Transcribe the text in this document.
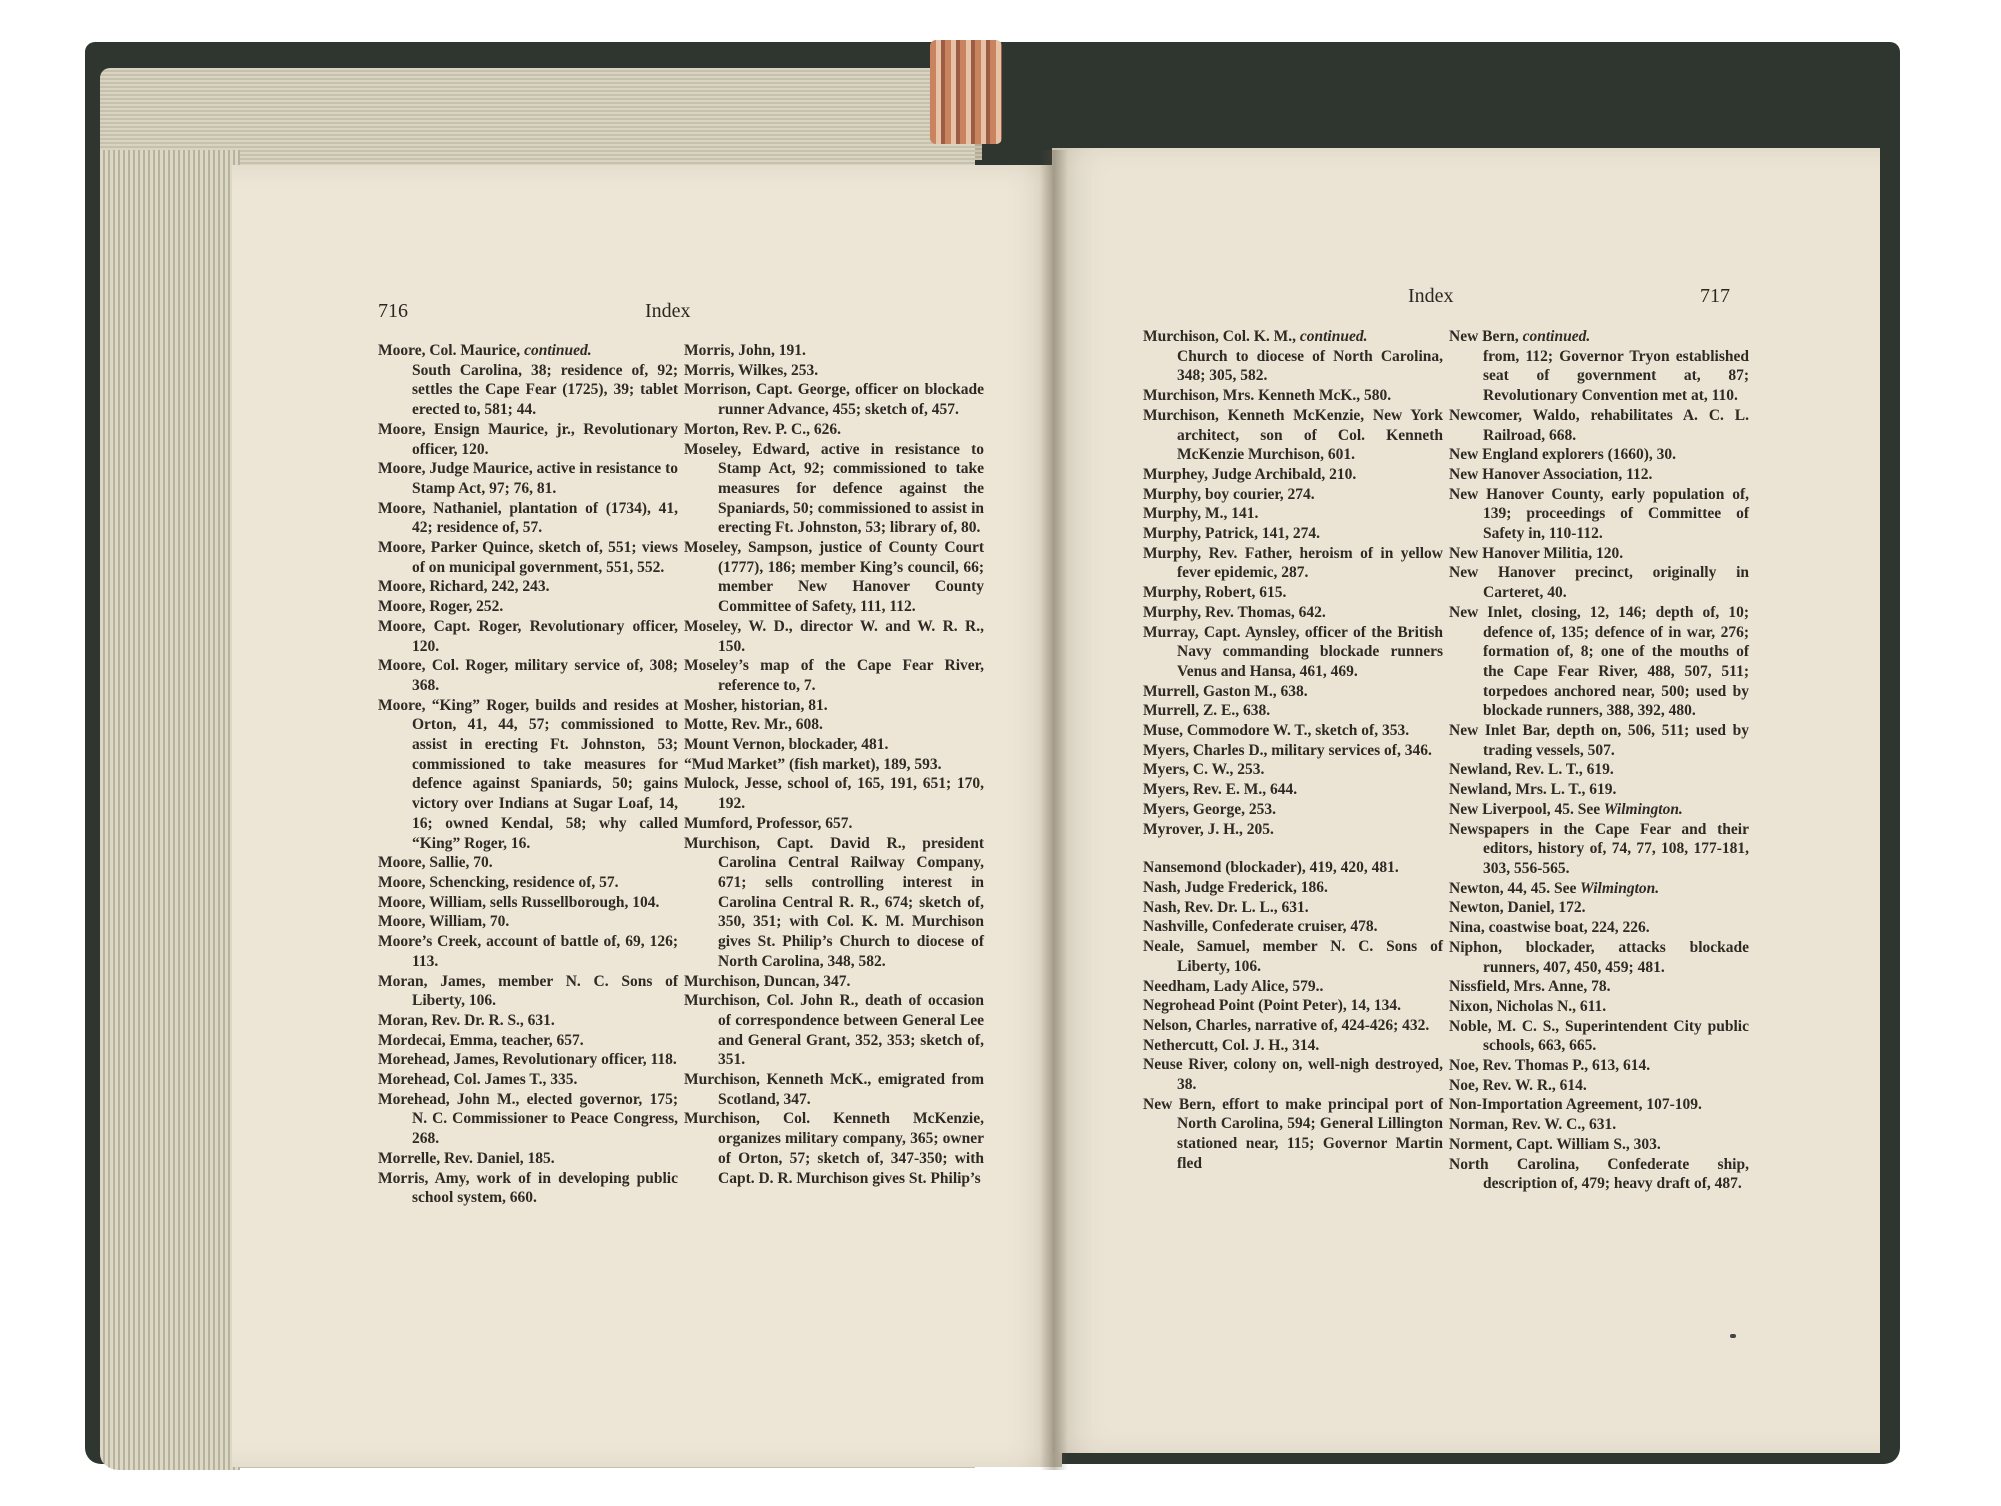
716	Index
Index	717

Moore, Col. Maurice, continued.

South Carolina, 38; residence of, 92; settles the Cape Fear (1725), 39; tablet erected to, 581; 44.

Moore, Ensign Maurice, jr., Revolutionary officer, 120.

Moore, Judge Maurice, active in resistance to Stamp Act, 97; 76, 81.

Moore, Nathaniel, plantation of (1734), 41, 42; residence of, 57.

Moore, Parker Quince, sketch of, 551; views of on municipal government, 551, 552.

Moore, Richard, 242, 243.

Moore, Roger, 252.

Moore, Capt. Roger, Revolutionary officer, 120.

Moore, Col. Roger, military service of, 308; 368.

Moore, “King” Roger, builds and resides at Orton, 41, 44, 57; commissioned to assist in erecting Ft. Johnston, 53; commissioned to take measures for defence against Spaniards, 50; gains victory over Indians at Sugar Loaf, 14, 16; owned Kendal, 58; why called “King” Roger, 16.

Moore, Sallie, 70.

Moore, Schencking, residence of, 57.

Moore, William, sells Russellborough, 104.

Moore, William, 70.

Moore’s Creek, account of battle of, 69, 126; 113.

Moran, James, member N. C. Sons of Liberty, 106.

Moran, Rev. Dr. R. S., 631.

Mordecai, Emma, teacher, 657.

Morehead, James, Revolutionary officer, 118.

Morehead, Col. James T., 335.

Morehead, John M., elected governor, 175; N. C. Commissioner to Peace Congress, 268.

Morrelle, Rev. Daniel, 185.

Morris, Amy, work of in developing public school system, 660.

Morris, John, 191.

Morris, Wilkes, 253.

Morrison, Capt. George, officer on blockade runner Advance, 455; sketch of, 457.

Morton, Rev. P. C., 626.

Moseley, Edward, active in resistance to Stamp Act, 92; commissioned to take measures for defence against the Spaniards, 50; commissioned to assist in erecting Ft. Johnston, 53; library of, 80.

Moseley, Sampson, justice of County Court (1777), 186; member King’s council, 66; member New Hanover County Committee of Safety, 111, 112.

Moseley, W. D., director W. and W. R. R., 150.

Moseley’s map of the Cape Fear River, reference to, 7.

Mosher, historian, 81.

Motte, Rev. Mr., 608.

Mount Vernon, blockader, 481.

“Mud Market” (fish market), 189, 593.

Mulock, Jesse, school of, 165, 191, 651; 170, 192.

Mumford, Professor, 657.

Murchison, Capt. David R., president Carolina Central Railway Company, 671; sells controlling interest in Carolina Central R. R., 674; sketch of, 350, 351; with Col. K. M. Murchison gives St. Philip’s Church to diocese of North Carolina, 348, 582.

Murchison, Duncan, 347.

Murchison, Col. John R., death of occasion of correspondence between General Lee and General Grant, 352, 353; sketch of, 351.

Murchison, Kenneth McK., emigrated from Scotland, 347.

Murchison, Col. Kenneth McKenzie, organizes military company, 365; owner of Orton, 57; sketch of, 347-350; with Capt. D. R. Murchison gives St. Philip’s

Murchison, Col. K. M., continued.

Church to diocese of North Carolina, 348; 305, 582.

Murchison, Mrs. Kenneth McK., 580.

Murchison, Kenneth McKenzie, New York architect, son of Col. Kenneth McKenzie Murchison, 601.

Murphey, Judge Archibald, 210.

Murphy, boy courier, 274.

Murphy, M., 141.

Murphy, Patrick, 141, 274.

Murphy, Rev. Father, heroism of in yellow fever epidemic, 287.

Murphy, Robert, 615.

Murphy, Rev. Thomas, 642.

Murray, Capt. Aynsley, officer of the British Navy commanding blockade runners Venus and Hansa, 461, 469.

Murrell, Gaston M., 638.

Murrell, Z. E., 638.

Muse, Commodore W. T., sketch of, 353.

Myers, Charles D., military services of, 346.

Myers, C. W., 253.

Myers, Rev. E. M., 644.

Myers, George, 253.

Myrover, J. H., 205.

Nansemond (blockader), 419, 420, 481.

Nash, Judge Frederick, 186.

Nash, Rev. Dr. L. L., 631.

Nashville, Confederate cruiser, 478.

Neale, Samuel, member N. C. Sons of Liberty, 106.

Needham, Lady Alice, 579..

Negrohead Point (Point Peter), 14, 134.

Nelson, Charles, narrative of, 424-426; 432.

Nethercutt, Col. J. H., 314.

Neuse River, colony on, well-nigh destroyed, 38.

New Bern, effort to make principal port of North Carolina, 594; General Lillington stationed near, 115; Governor Martin fled

New Bern, continued.

from, 112; Governor Tryon established seat of government at, 87; Revolutionary Convention met at, 110.

Newcomer, Waldo, rehabilitates A. C. L. Railroad, 668.

New England explorers (1660), 30.

New Hanover Association, 112.

New Hanover County, early population of, 139; proceedings of Committee of Safety in, 110-112.

New Hanover Militia, 120.

New Hanover precinct, originally in Carteret, 40.

New Inlet, closing, 12, 146; depth of, 10; defence of, 135; defence of in war, 276; formation of, 8; one of the mouths of the Cape Fear River, 488, 507, 511; torpedoes anchored near, 500; used by blockade runners, 388, 392, 480.

New Inlet Bar, depth on, 506, 511; used by trading vessels, 507.

Newland, Rev. L. T., 619.

Newland, Mrs. L. T., 619.

New Liverpool, 45. See Wilmington.

Newspapers in the Cape Fear and their editors, history of, 74, 77, 108, 177-181, 303, 556-565.

Newton, 44, 45. See Wilmington.

Newton, Daniel, 172.

Nina, coastwise boat, 224, 226.

Niphon, blockader, attacks blockade runners, 407, 450, 459; 481.

Nissfield, Mrs. Anne, 78.

Nixon, Nicholas N., 611.

Noble, M. C. S., Superintendent City public schools, 663, 665.

Noe, Rev. Thomas P., 613, 614.

Noe, Rev. W. R., 614.

Non-Importation Agreement, 107-109.

Norman, Rev. W. C., 631.

Norment, Capt. William S., 303.

North Carolina, Confederate ship, description of, 479; heavy draft of, 487.
